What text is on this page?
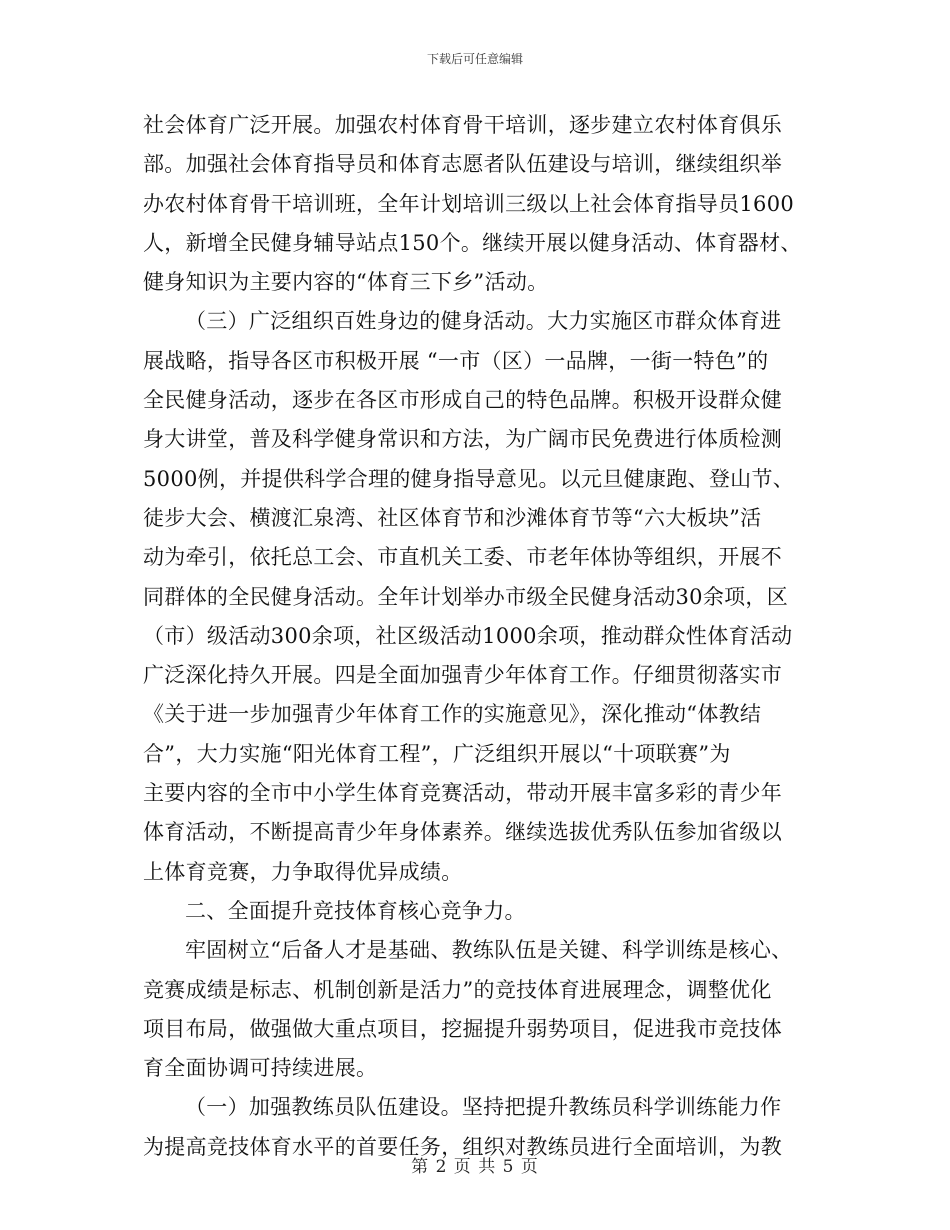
下载后可任意编辑
社会体育广泛开展。加强农村体育骨干培训，逐步建立农村体育俱乐
部。加强社会体育指导员和体育志愿者队伍建设与培训，继续组织举
办农村体育骨干培训班，全年计划培训三级以上社会体育指导员1600
人，新增全民健身辅导站点150个。继续开展以健身活动、体育器材、
健身知识为主要内容的“体育三下乡”活动。
（三）广泛组织百姓身边的健身活动。大力实施区市群众体育进
展战略，指导各区市积极开展 “一市（区）一品牌，一街一特色”的
全民健身活动，逐步在各区市形成自己的特色品牌。积极开设群众健
身大讲堂，普及科学健身常识和方法，为广阔市民免费进行体质检测
5000例，并提供科学合理的健身指导意见。以元旦健康跑、登山节、
徒步大会、横渡汇泉湾、社区体育节和沙滩体育节等“六大板块”活
动为牵引，依托总工会、市直机关工委、市老年体协等组织，开展不
同群体的全民健身活动。全年计划举办市级全民健身活动30余项，区
（市）级活动300余项，社区级活动1000余项，推动群众性体育活动
广泛深化持久开展。四是全面加强青少年体育工作。仔细贯彻落实市
《关于进一步加强青少年体育工作的实施意见》，深化推动“体教结
合”，大力实施“阳光体育工程”，广泛组织开展以“十项联赛”为
主要内容的全市中小学生体育竞赛活动，带动开展丰富多彩的青少年
体育活动，不断提高青少年身体素养。继续选拔优秀队伍参加省级以
上体育竞赛，力争取得优异成绩。
二、全面提升竞技体育核心竞争力。
牢固树立“后备人才是基础、教练队伍是关键、科学训练是核心、
竞赛成绩是标志、机制创新是活力”的竞技体育进展理念，调整优化
项目布局，做强做大重点项目，挖掘提升弱势项目，促进我市竞技体
育全面协调可持续进展。
（一）加强教练员队伍建设。坚持把提升教练员科学训练能力作
为提高竞技体育水平的首要任务，组织对教练员进行全面培训，为教
第 2 页 共 5 页
